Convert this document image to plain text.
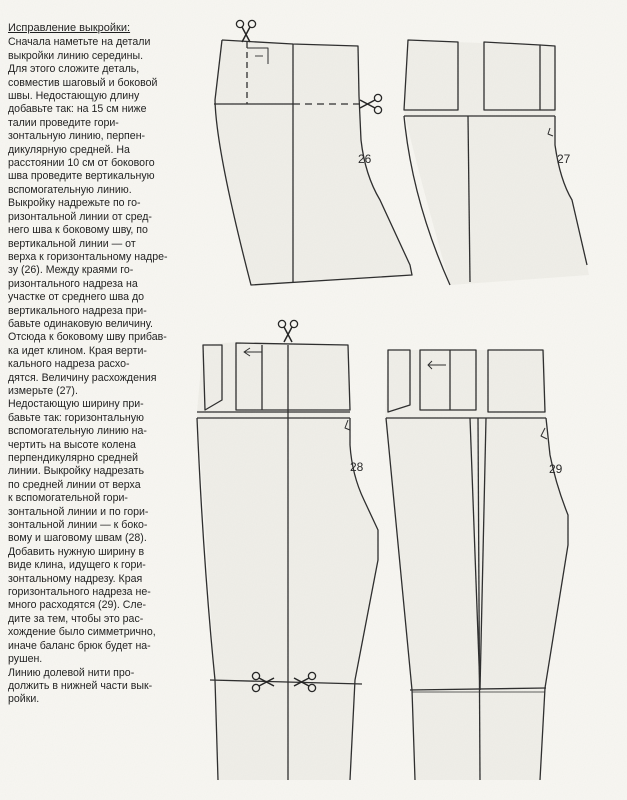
Исправление выкройки:

Сначала наметьте на детали
выкройки линию середины.
Для этого сложите деталь,
совместив шаговый и боковой
швы. Недостающую длину
добавьте так: на 15 см ниже
талии проведите гори-
зонтальную линию, перпен-
дикулярную средней. На
расстоянии 10 см от бокового
шва проведите вертикальную
вспомогательную линию.
Выкройку надрежьте по го-
ризонтальной линии от сред-
него шва к боковому шву, по
вертикальной линии — от
верха к горизонтальному надре-
зу (26). Между краями го-
ризонтального надреза на
участке от среднего шва до
вертикального надреза при-
бавьте одинаковую величину.
Отсюда к боковому шву прибав-
ка идет клином. Края верти-
кального надреза расхо-
дятся. Величину расхождения
измерьте (27).

Недостающую ширину при-
бавьте так: горизонтальную
вспомогательную линию на-
чертить на высоте колена
перпендикулярно средней
линии. Выкройку надрезать
по средней линии от верха
к вспомогательной гори-
зонтальной линии и по гори-
зонтальной линии — к боко-
вому и шаговому швам (28).
Добавить нужную ширину в
виде клина, идущего к гори-
зонтальному надрезу. Края
горизонтального надреза не-
много расходятся (29). Сле-
дите за тем, чтобы это рас-
хождение было симметрично,
иначе баланс брюк будет на-
рушен.

Линию долевой нити про-
должить в нижней части вык-
ройки.

26	27
28	29
